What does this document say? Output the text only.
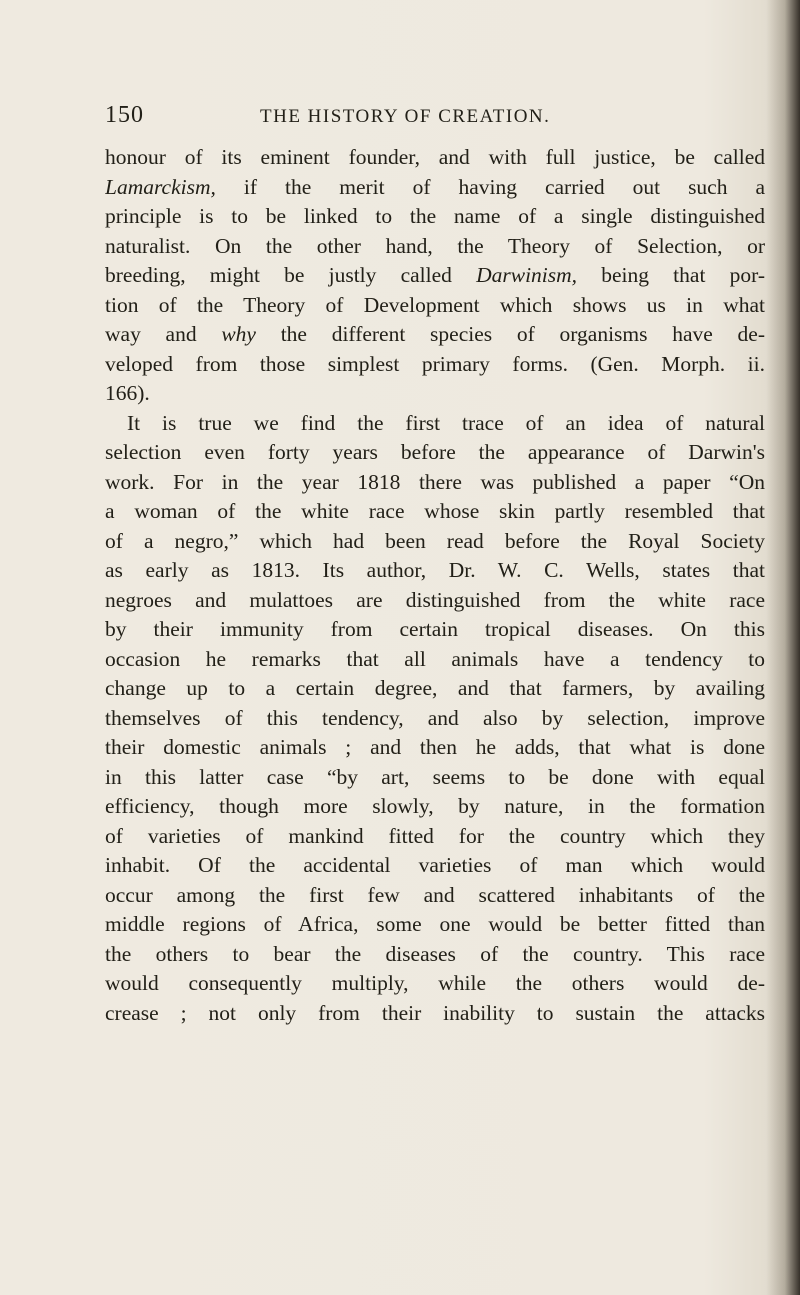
150	THE HISTORY OF CREATION.
honour of its eminent founder, and with full justice, be called
Lamarckism, if the merit of having carried out such a
principle is to be linked to the name of a single distinguished
naturalist. On the other hand, the Theory of Selection, or
breeding, might be justly called Darwinism, being that por-
tion of the Theory of Development which shows us in what
way and why the different species of organisms have de-
veloped from those simplest primary forms. (Gen. Morph. ii.
166).
It is true we find the first trace of an idea of natural
selection even forty years before the appearance of Darwin's
work. For in the year 1818 there was published a paper “On
a woman of the white race whose skin partly resembled that
of a negro,” which had been read before the Royal Society
as early as 1813. Its author, Dr. W. C. Wells, states that
negroes and mulattoes are distinguished from the white race
by their immunity from certain tropical diseases. On this
occasion he remarks that all animals have a tendency to
change up to a certain degree, and that farmers, by availing
themselves of this tendency, and also by selection, improve
their domestic animals ; and then he adds, that what is done
in this latter case “by art, seems to be done with equal
efficiency, though more slowly, by nature, in the formation
of varieties of mankind fitted for the country which they
inhabit. Of the accidental varieties of man which would
occur among the first few and scattered inhabitants of the
middle regions of Africa, some one would be better fitted than
the others to bear the diseases of the country. This race
would consequently multiply, while the others would de-
crease ; not only from their inability to sustain the attacks
